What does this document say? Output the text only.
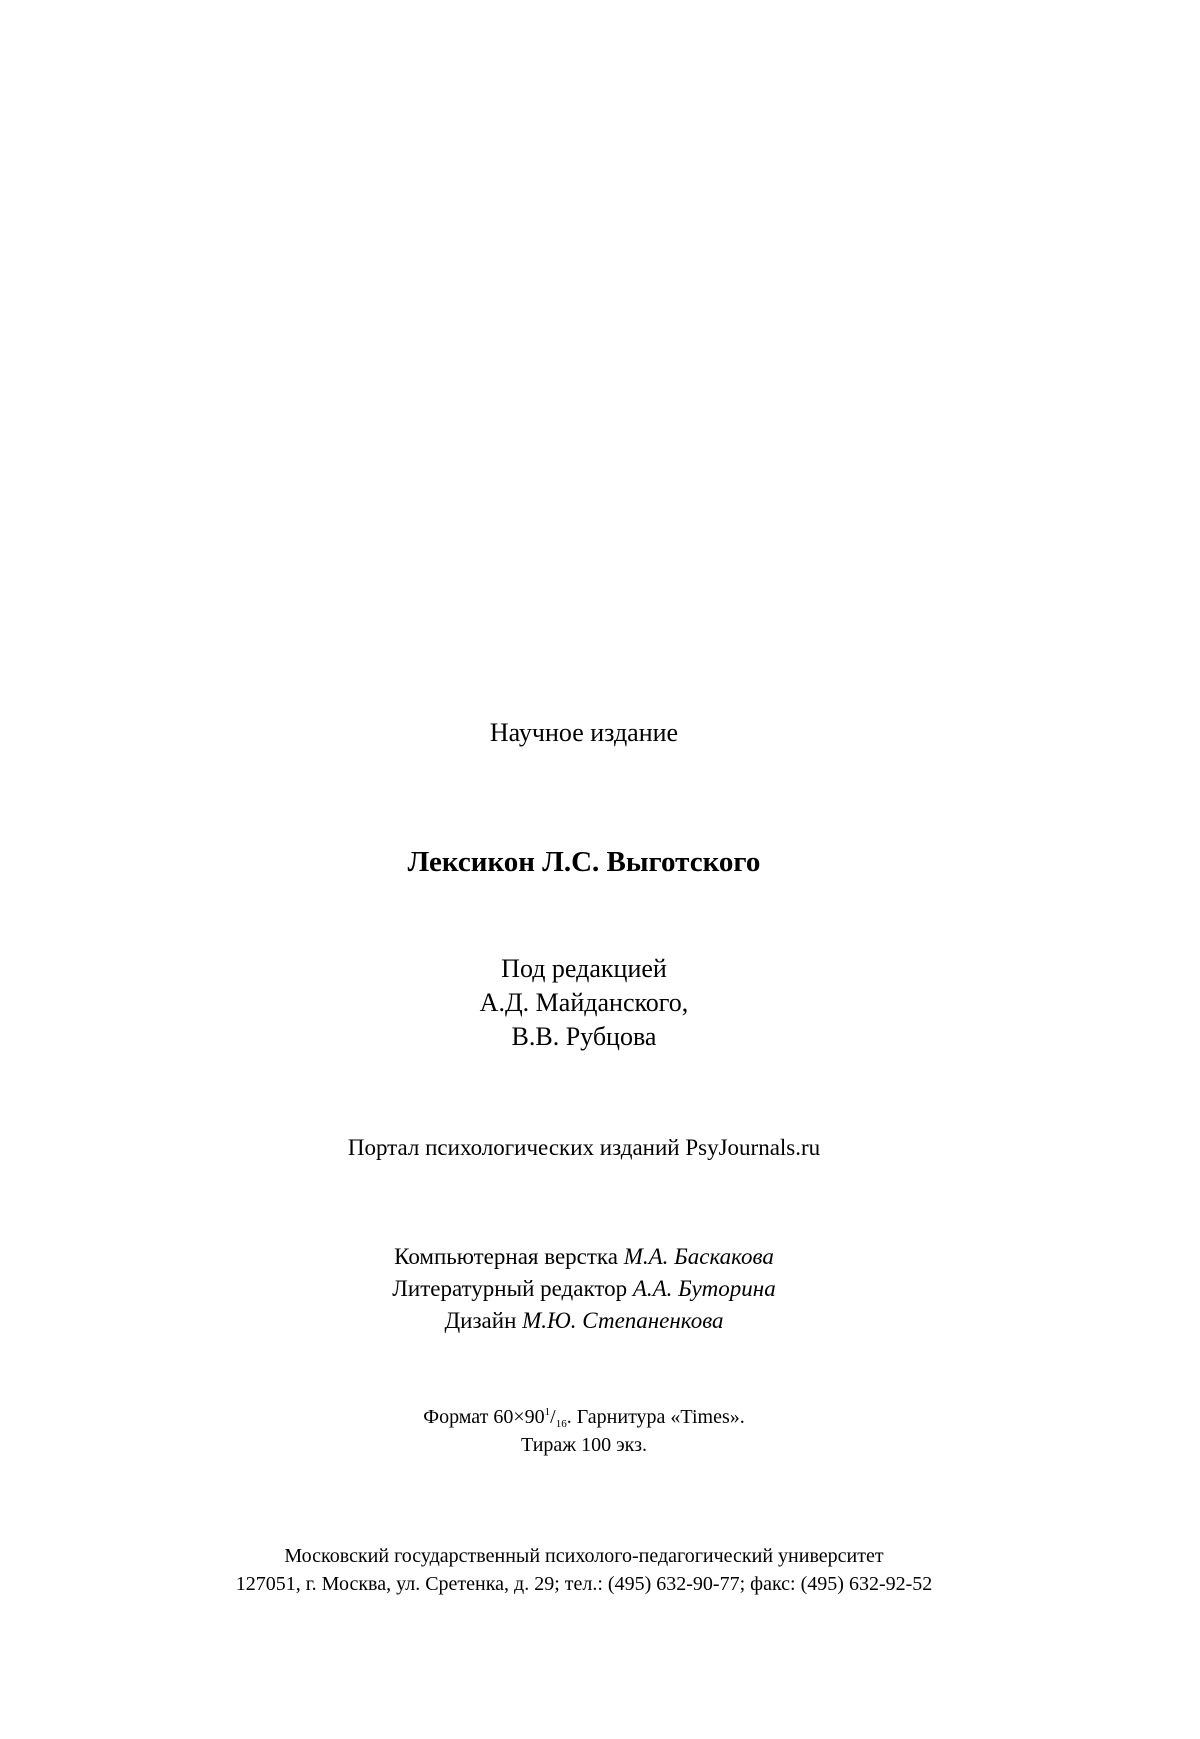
Научное издание
Лексикон Л.С. Выготского
Под редакцией
А.Д. Майданского,
В.В. Рубцова
Портал психологических изданий PsyJournals.ru
Компьютерная верстка М.А. Баскакова
Литературный редактор А.А. Буторина
Дизайн М.Ю. Степаненкова
Формат $60\times 90^1/_{16}$. Гарнитура «Times».
Тираж 100 экз.
Московский государственный психолого-педагогический университет
127051, г. Москва, ул. Сретенка, д. 29; тел.: (495) 632-90-77; факс: (495) 632-92-52
